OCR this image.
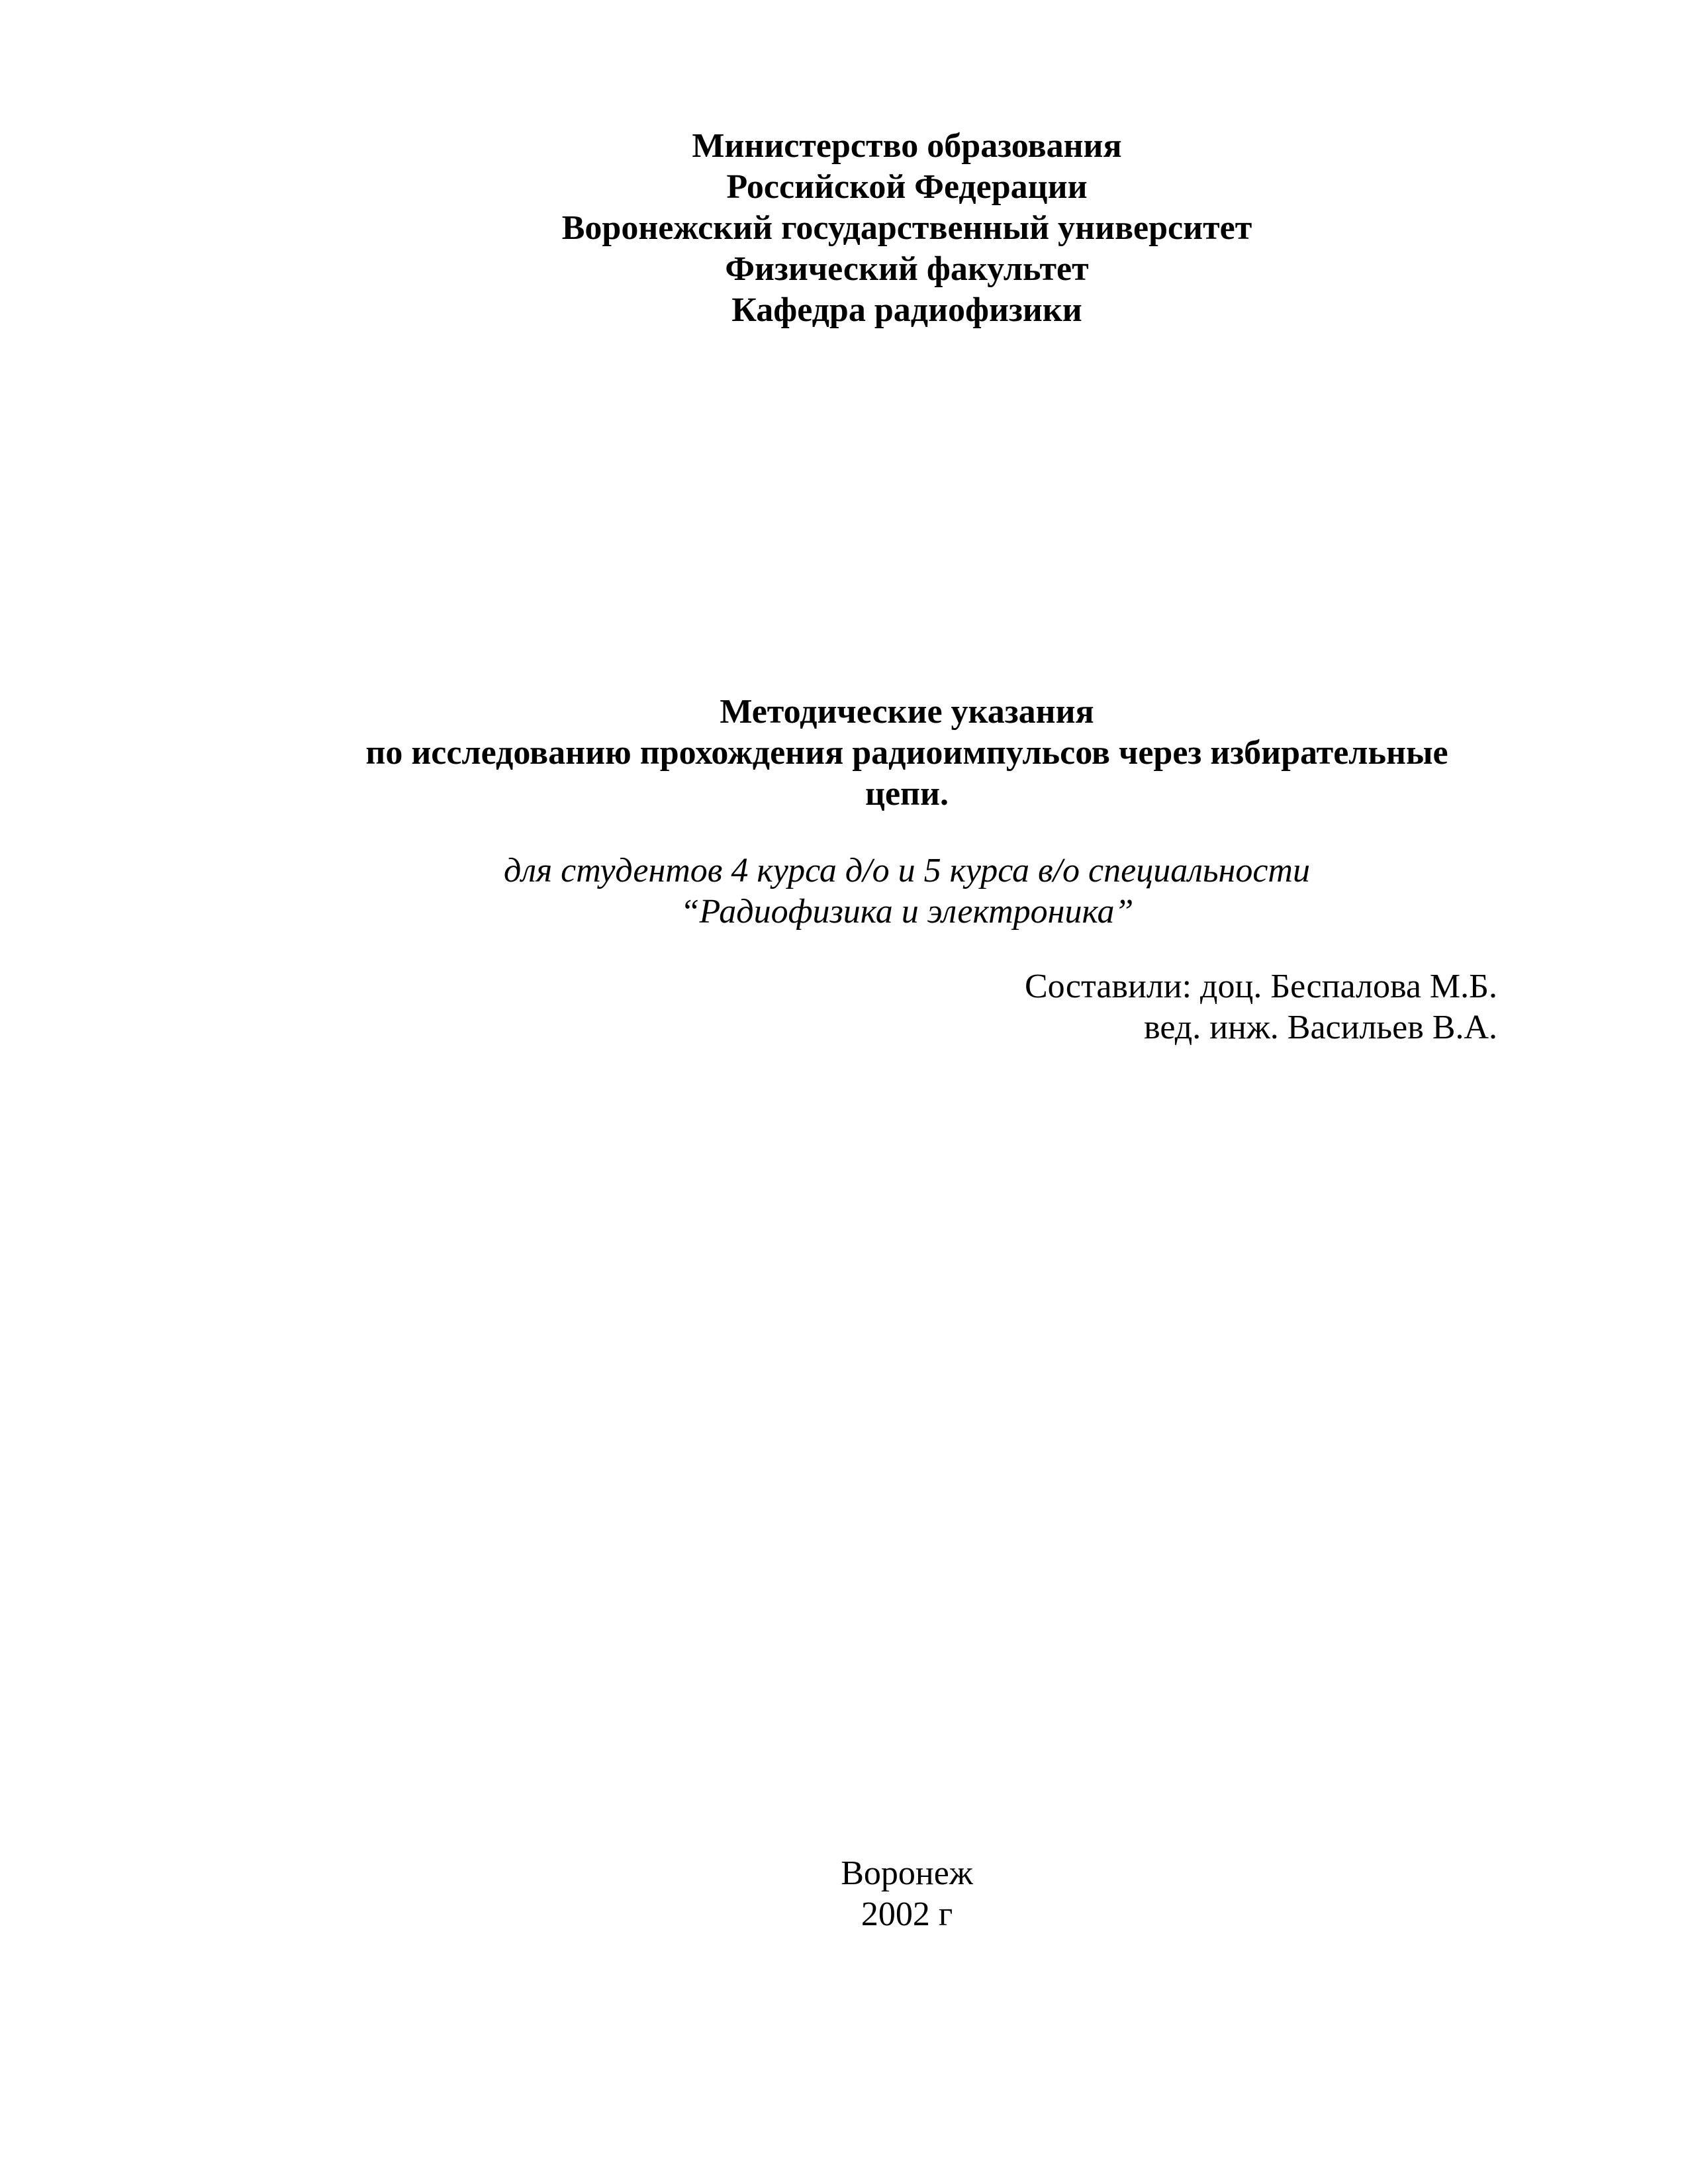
Министерство образования
Российской Федерации
Воронежский государственный университет
Физический факультет
Кафедра радиофизики
Методические указания
по исследованию прохождения радиоимпульсов через избирательные
цепи.
для студентов 4 курса д/о и 5 курса в/о специальности
“Радиофизика и электроника”
Составили: доц. Беспалова М.Б.
вед. инж. Васильев В.А.
Воронеж
2002 г
